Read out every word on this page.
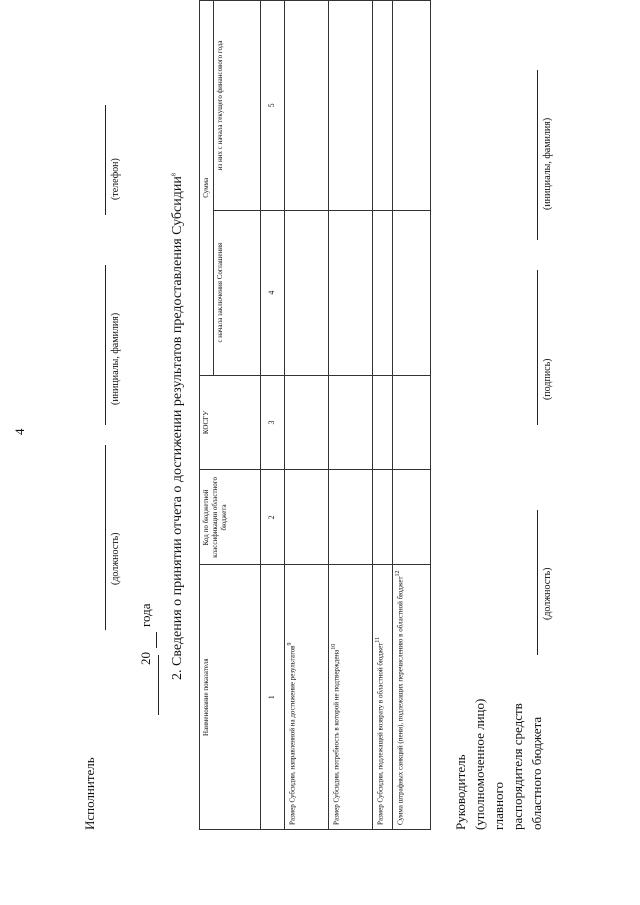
4
Исполнитель
(должность)
(инициалы, фамилия)
(телефон)
20
года 2. Сведения о принятии отчета о достижении результатов предоставления Субсидии$^8$
Наименование показателя	Код по бюджетной классификации областного бюджета	КОСГУ	Сумма	
			с начала заключения Соглашения	из них с начала текущего финансового года
1	2	3	4	5
Размер Субсидии, направленной на достижение результатов$^9$				
Размер Субсидии, потребность в которой не подтверждена$^{10}$				
Размер Субсидии, подлежащей возврату в областной бюджет$^{11}$				
Сумма штрафных санкций (пени), подлежащих перечислению в областной бюджет$^{12}$				
Руководитель (уполномоченное лицо) главного распорядителя средств областного бюджета
(должность)
(подпись)
(инициалы, фамилия)
